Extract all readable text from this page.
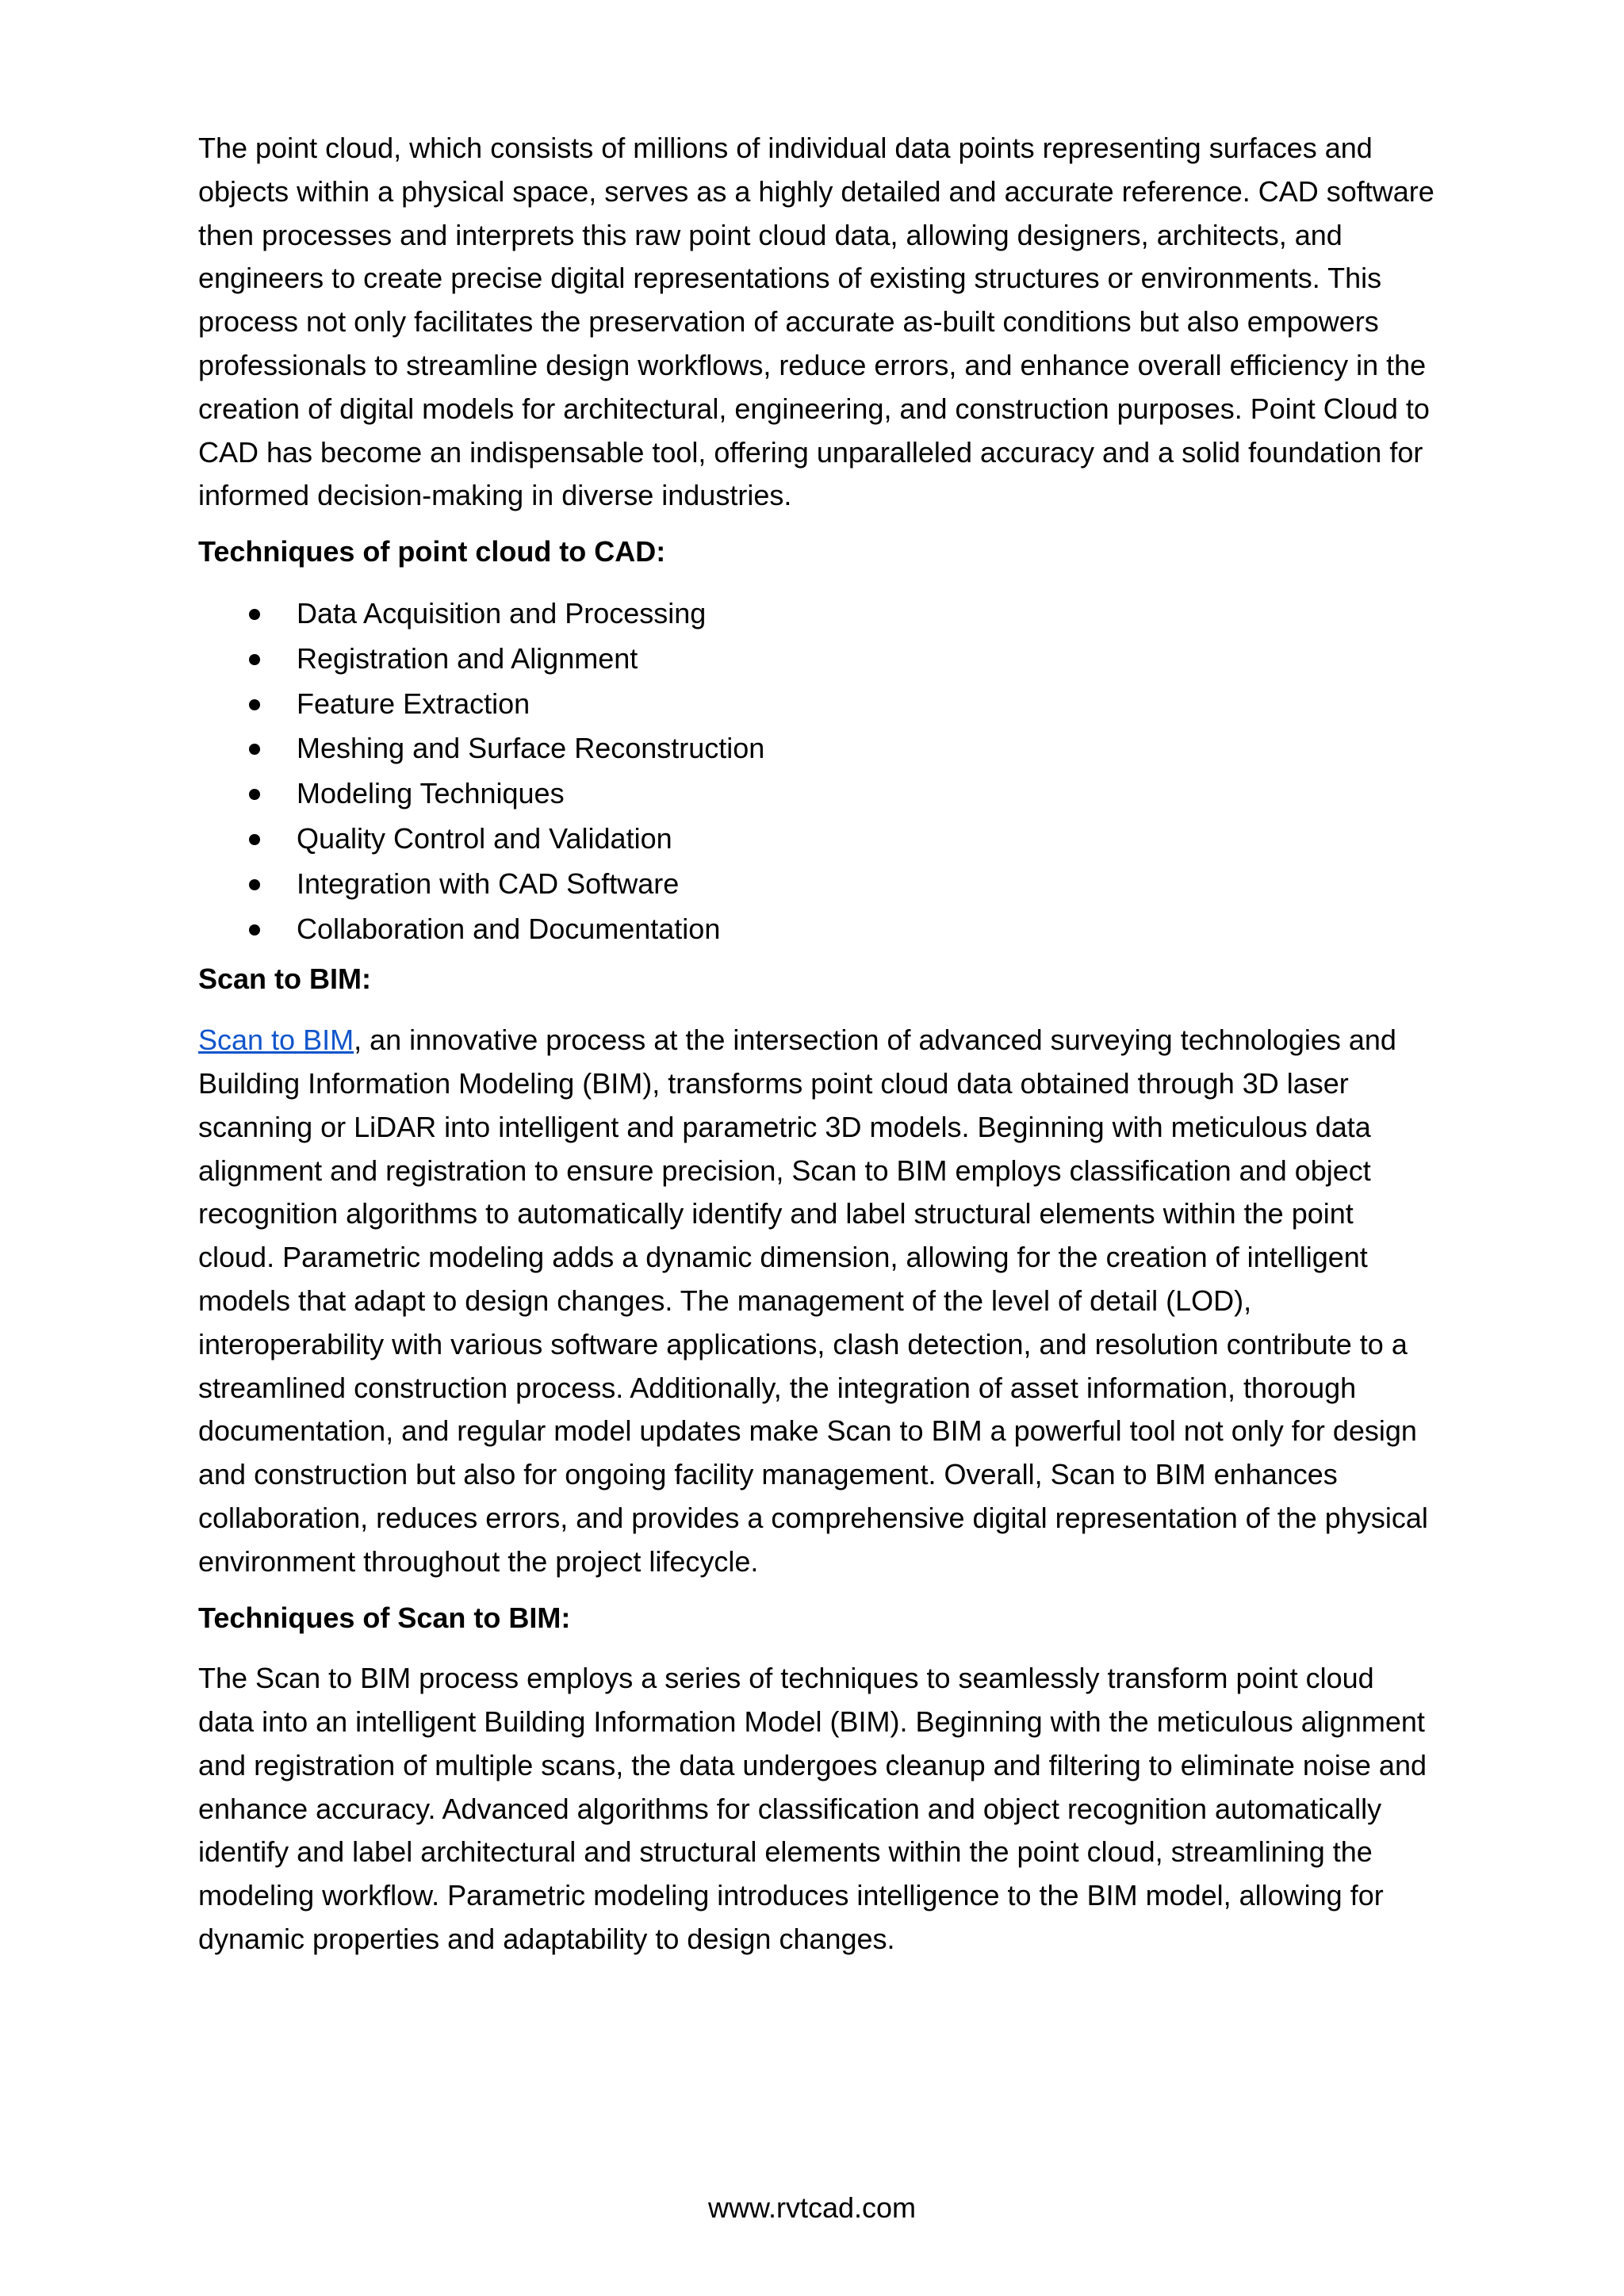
The point cloud, which consists of millions of individual data points representing surfaces and objects within a physical space, serves as a highly detailed and accurate reference. CAD software then processes and interprets this raw point cloud data, allowing designers, architects, and engineers to create precise digital representations of existing structures or environments. This process not only facilitates the preservation of accurate as-built conditions but also empowers professionals to streamline design workflows, reduce errors, and enhance overall efficiency in the creation of digital models for architectural, engineering, and construction purposes. Point Cloud to CAD has become an indispensable tool, offering unparalleled accuracy and a solid foundation for informed decision-making in diverse industries.

Techniques of point cloud to CAD:
Data Acquisition and Processing
Registration and Alignment
Feature Extraction
Meshing and Surface Reconstruction
Modeling Techniques
Quality Control and Validation
Integration with CAD Software
Collaboration and Documentation
Scan to BIM:

Scan to BIM, an innovative process at the intersection of advanced surveying technologies and Building Information Modeling (BIM), transforms point cloud data obtained through 3D laser scanning or LiDAR into intelligent and parametric 3D models. Beginning with meticulous data alignment and registration to ensure precision, Scan to BIM employs classification and object recognition algorithms to automatically identify and label structural elements within the point cloud. Parametric modeling adds a dynamic dimension, allowing for the creation of intelligent models that adapt to design changes. The management of the level of detail (LOD), interoperability with various software applications, clash detection, and resolution contribute to a streamlined construction process. Additionally, the integration of asset information, thorough documentation, and regular model updates make Scan to BIM a powerful tool not only for design and construction but also for ongoing facility management. Overall, Scan to BIM enhances collaboration, reduces errors, and provides a comprehensive digital representation of the physical environment throughout the project lifecycle.

Techniques of Scan to BIM:

The Scan to BIM process employs a series of techniques to seamlessly transform point cloud data into an intelligent Building Information Model (BIM). Beginning with the meticulous alignment and registration of multiple scans, the data undergoes cleanup and filtering to eliminate noise and enhance accuracy. Advanced algorithms for classification and object recognition automatically identify and label architectural and structural elements within the point cloud, streamlining the modeling workflow. Parametric modeling introduces intelligence to the BIM model, allowing for dynamic properties and adaptability to design changes.

www.rvtcad.com
